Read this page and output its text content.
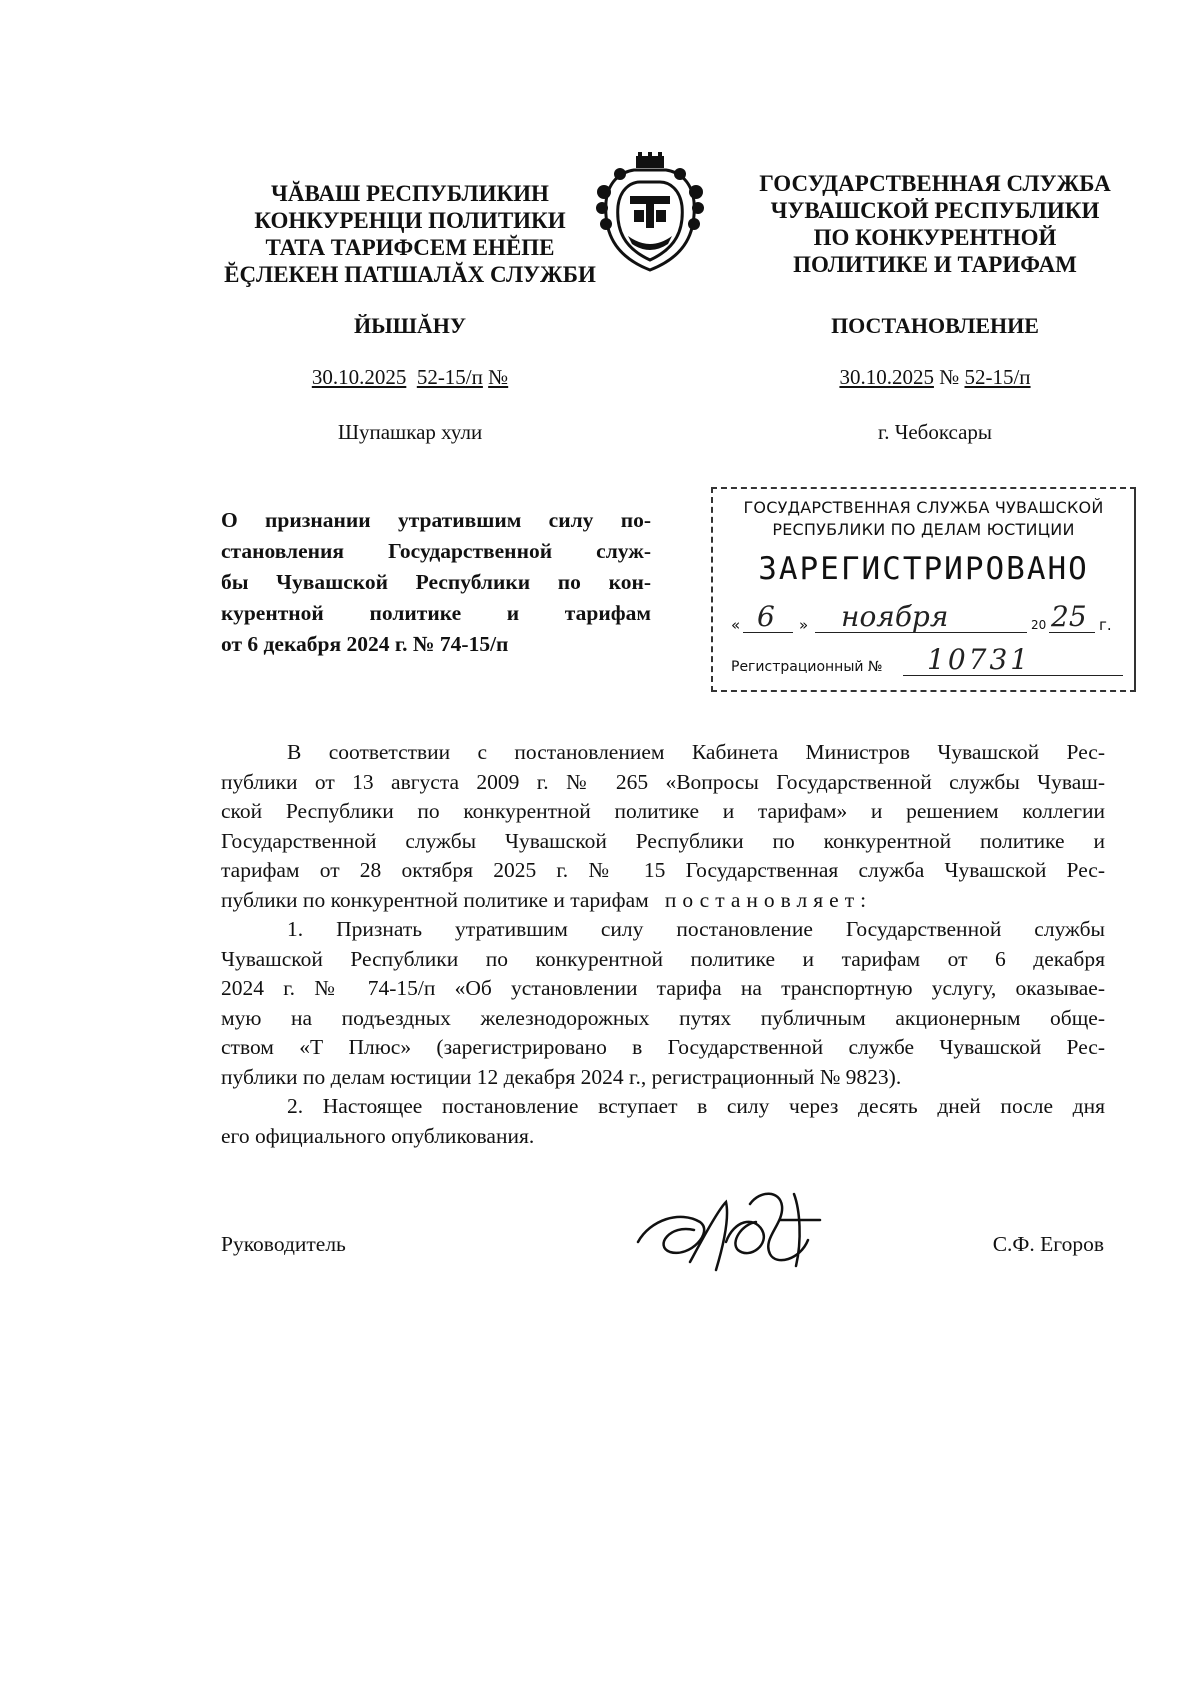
ЧĂВАШ РЕСПУБЛИКИН
КОНКУРЕНЦИ ПОЛИТИКИ
ТАТА ТАРИФСЕМ ЕНĔПЕ
ĔÇЛЕКЕН ПАТШАЛĂХ СЛУЖБИ
ГОСУДАРСТВЕННАЯ СЛУЖБА
ЧУВАШСКОЙ РЕСПУБЛИКИ
ПО КОНКУРЕНТНОЙ
ПОЛИТИКЕ И ТАРИФАМ
ЙЫШĂНУ	ПОСТАНОВЛЕНИЕ
30.10.2025 52-15/п №	30.10.2025 № 52-15/п
Шупашкар хули	г. Чебоксары
О признании утратившим силу по-
становления Государственной служ-
бы Чувашской Республики по кон-
курентной политике и тарифам
от 6 декабря 2024 г. № 74-15/п
ГОСУДАРСТВЕННАЯ СЛУЖБА ЧУВАШСКОЙ
РЕСПУБЛИКИ ПО ДЕЛАМ ЮСТИЦИИ
ЗАРЕГИСТРИРОВАНО
« 6 » ноября	20 25 г.
Регистрационный № 10731
В соответствии с постановлением Кабинета Министров Чувашской Рес-
публики от 13 августа 2009 г. № 265 «Вопросы Государственной службы Чуваш-
ской Республики по конкурентной политике и тарифам» и решением коллегии
Государственной службы Чувашской Республики по конкурентной политике и
тарифам от 28 октября 2025 г. № 15 Государственная служба Чувашской Рес-
публики по конкурентной политике и тарифам постановляет:
1. Признать утратившим силу постановление Государственной службы
Чувашской Республики по конкурентной политике и тарифам от 6 декабря
2024 г. № 74-15/п «Об установлении тарифа на транспортную услугу, оказывае-
мую на подъездных железнодорожных путях публичным акционерным обще-
ством «Т Плюс» (зарегистрировано в Государственной службе Чувашской Рес-
публики по делам юстиции 12 декабря 2024 г., регистрационный № 9823).
2. Настоящее постановление вступает в силу через десять дней после дня
его официального опубликования.
Руководитель	С.Ф. Егоров
